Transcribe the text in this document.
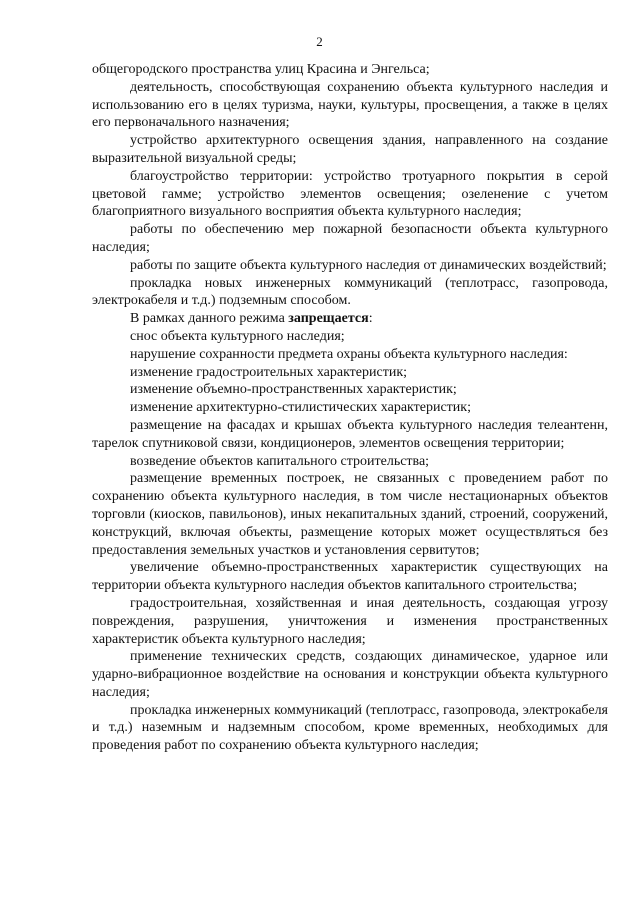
2

общегородского пространства улиц Красина и Энгельса;

деятельность, способствующая сохранению объекта культурного наследия и использованию его в целях туризма, науки, культуры, просвещения, а также в целях его первоначального назначения;

устройство архитектурного освещения здания, направленного на создание выразительной визуальной среды;

благоустройство территории: устройство тротуарного покрытия в серой цветовой гамме; устройство элементов освещения; озеленение с учетом благоприятного визуального восприятия объекта культурного наследия;

работы по обеспечению мер пожарной безопасности объекта культурного наследия;

работы по защите объекта культурного наследия от динамических воздействий;

прокладка новых инженерных коммуникаций (теплотрасс, газопровода, электрокабеля и т.д.) подземным способом.

В рамках данного режима запрещается:

снос объекта культурного наследия;

нарушение сохранности предмета охраны объекта культурного наследия:

изменение градостроительных характеристик;

изменение объемно-пространственных характеристик;

изменение архитектурно-стилистических характеристик;

размещение на фасадах и крышах объекта культурного наследия телеантенн, тарелок спутниковой связи, кондиционеров, элементов освещения территории;

возведение объектов капитального строительства;

размещение временных построек, не связанных с проведением работ по сохранению объекта культурного наследия, в том числе нестационарных объектов торговли (киосков, павильонов), иных некапитальных зданий, строений, сооружений, конструкций, включая объекты, размещение которых может осуществляться без предоставления земельных участков и установления сервитутов;

увеличение объемно-пространственных характеристик существующих на территории объекта культурного наследия объектов капитального строительства;

градостроительная, хозяйственная и иная деятельность, создающая угрозу повреждения, разрушения, уничтожения и изменения пространственных характеристик объекта культурного наследия;

применение технических средств, создающих динамическое, ударное или ударно-вибрационное воздействие на основания и конструкции объекта культурного наследия;

прокладка инженерных коммуникаций (теплотрасс, газопровода, электрокабеля и т.д.) наземным и надземным способом, кроме временных, необходимых для проведения работ по сохранению объекта культурного наследия;
